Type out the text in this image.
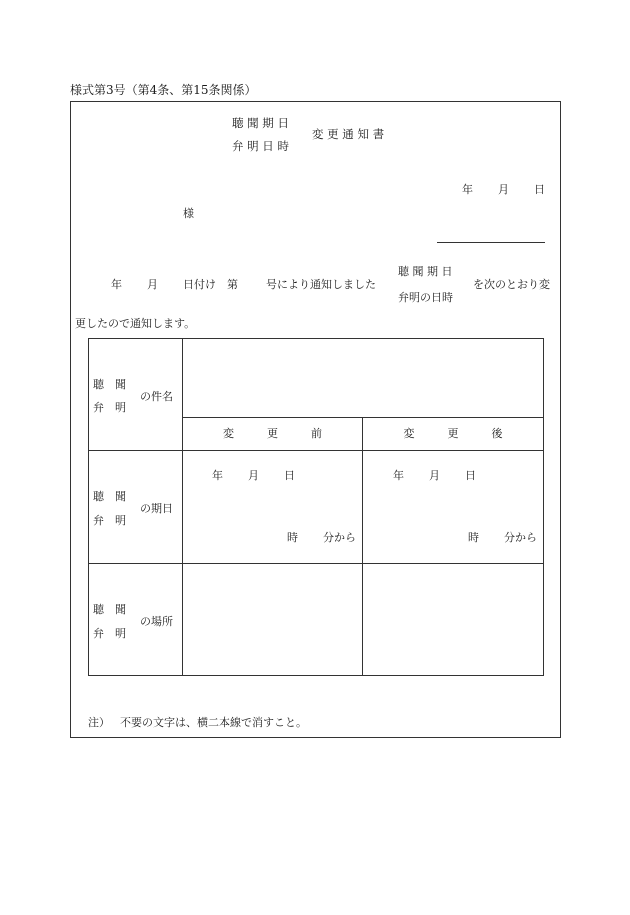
様式第3号（第4条、第15条関係）
聴 聞 期 日
弁 明 日 時
変 更 通 知 書
年 月 日
様
年 月 日付け　第	号により通知しました
聴 聞 期 日
弁明の日時
を次のとおり変
更したので通知します。
聴　聞
弁　明
の件名
変　　　更　　　前	変　　　更　　　後
聴　聞
弁　明
の期日
年 月 日
時 分から
年 月 日
時 分から
聴　聞
弁　明
の場所
注） 不要の文字は、横二本線で消すこと。
